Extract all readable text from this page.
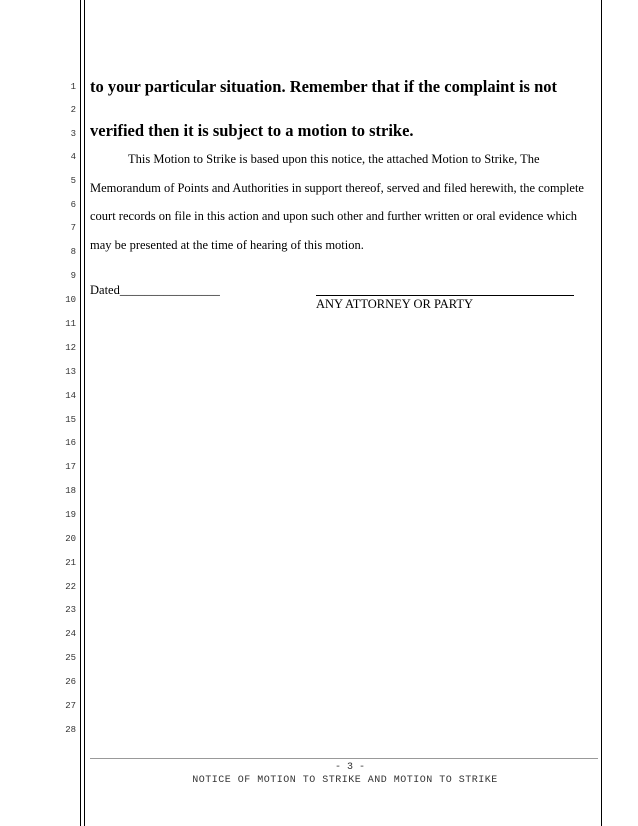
1
2
3
4
5
6
7
8
9
10
11
12
13
14
15
16
17
18
19
20
21
22
23
24
25
26
27
28
to your particular situation. Remember that if the complaint is not
verified then it is subject to a motion to strike.
This Motion to Strike is based upon this notice, the attached Motion to Strike, The
Memorandum of Points and Authorities in support thereof, served and filed herewith, the complete
court records on file in this action and upon such other and further written or oral evidence which
may be presented at the time of hearing of this motion.
Dated________________
ANY ATTORNEY OR PARTY
- 3 -
NOTICE OF MOTION TO STRIKE AND MOTION TO STRIKE
